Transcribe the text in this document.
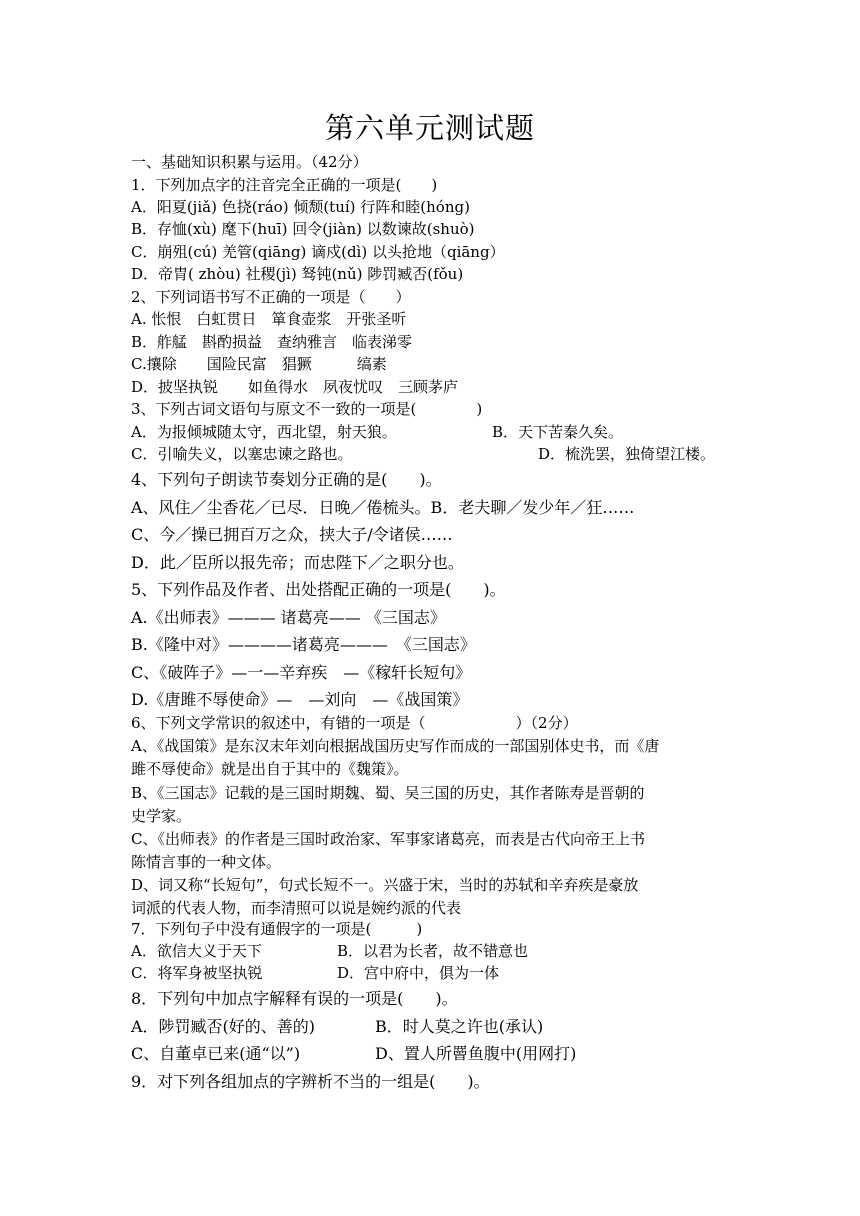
第六单元测试题
一、基础知识积累与运用。（42分）
1．下列加点字的注音完全正确的一项是(　　)
A．阳夏(jiǎ) 色挠(ráo) 倾颓(tuí) 行阵和睦(hóng)
B．存恤(xù) 麾下(huī) 回令(jiàn) 以数谏故(shuò)
C．崩殂(cú) 羌管(qiāng) 谪戍(dì) 以头抢地（qiāng）
D．帝胄( zhòu) 社稷(jì) 驽钝(nǔ) 陟罚臧否(fǒu)
2、下列词语书写不正确的一项是（　　）
A. 怅恨　白虹贯日　箪食壶浆　开张圣听
B．舴艋　斟酌损益　查纳雅言　临表涕零
C.攘除　　国险民富　猖獗　　　缟素
D．披坚执锐　　如鱼得水　夙夜忧叹　三顾茅庐
3、下列古词文语句与原文不一致的一项是(　　　　)
A．为报倾城随太守，西北望，射天狼。	B．天下苦秦久矣。
C．引喻失义，以塞忠谏之路也。	D．梳洗罢，独倚望江楼。
4、下列句子朗读节奏划分正确的是(　　)。
A、风住／尘香花／已尽．日晚／倦梳头。B．老夫聊／发少年／狂……
C、今／操已拥百万之众，挟大子/令诸侯……
D．此／臣所以报先帝；而忠陛下／之职分也。
5、下列作品及作者、出处搭配正确的一项是(　　)。
A.《出师表》——— 诸葛亮—— 《三国志》
B.《隆中对》————诸葛亮———　《三国志》
C、《破阵子》—一—辛弃疾　—《稼轩长短句》
D.《唐雎不辱使命》—　—刘向　—《战国策》
6、下列文学常识的叙述中，有错的一项是（　　　　　　）（2分）
A、《战国策》是东汉末年刘向根据战国历史写作而成的一部国别体史书，而《唐
雎不辱使命》就是出自于其中的《魏策》。
B、《三国志》记载的是三国时期魏、蜀、吴三国的历史，其作者陈寿是晋朝的
史学家。
C、《出师表》的作者是三国时政治家、军事家诸葛亮，而表是古代向帝王上书
陈情言事的一种文体。
D、词又称“长短句”，句式长短不一。兴盛于宋，当时的苏轼和辛弃疾是豪放
词派的代表人物，而李清照可以说是婉约派的代表
7．下列句子中没有通假字的一项是(　　　)
A．欲信大义于天下	B．以君为长者，故不错意也
C．将军身被坚执锐	D．宫中府中，俱为一体
8．下列句中加点字解释有误的一项是(　　)。
A．陟罚臧否(好的、善的)	B．时人莫之许也(承认)
C、自董卓已来(通“以”)	D、置人所罾鱼腹中(用网打)
9．对下列各组加点的字辨析不当的一组是(　　)。
